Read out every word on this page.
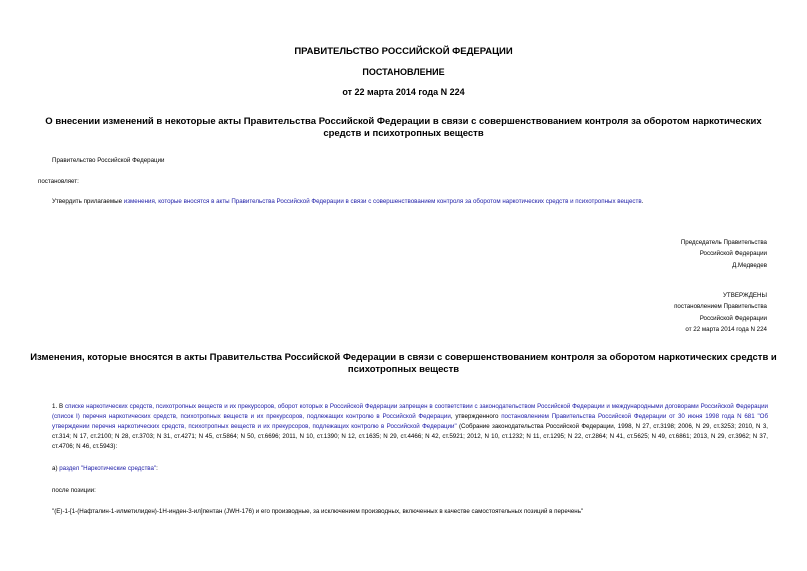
ПРАВИТЕЛЬСТВО РОССИЙСКОЙ ФЕДЕРАЦИИ
ПОСТАНОВЛЕНИЕ
от 22 марта 2014 года N 224
О внесении изменений в некоторые акты Правительства Российской Федерации в связи с совершенствованием контроля за оборотом наркотических средств и психотропных веществ
Правительство Российской Федерации
постановляет:
Утвердить прилагаемые изменения, которые вносятся в акты Правительства Российской Федерации в связи с совершенствованием контроля за оборотом наркотических средств и психотропных веществ.
Председатель Правительства
Российской Федерации
Д.Медведев
УТВЕРЖДЕНЫ
постановлением Правительства
Российской Федерации
от 22 марта 2014 года N 224
Изменения, которые вносятся в акты Правительства Российской Федерации в связи с совершенствованием контроля за оборотом наркотических средств и психотропных веществ
1. В списке наркотических средств, психотропных веществ и их прекурсоров, оборот которых в Российской Федерации запрещен в соответствии с законодательством Российской Федерации и международными договорами Российской Федерации (список I) перечня наркотических средств, психотропных веществ и их прекурсоров, подлежащих контролю в Российской Федерации, утвержденного постановлением Правительства Российской Федерации от 30 июня 1998 года N 681 "Об утверждении перечня наркотических средств, психотропных веществ и их прекурсоров, подлежащих контролю в Российской Федерации" (Собрание законодательства Российской Федерации, 1998, N 27, ст.3198; 2006, N 29, ст.3253; 2010, N 3, ст.314; N 17, ст.2100; N 28, ст.3703; N 31, ст.4271; N 45, ст.5864; N 50, ст.6696; 2011, N 10, ст.1390; N 12, ст.1635; N 29, ст.4466; N 42, ст.5921; 2012, N 10, ст.1232; N 11, ст.1295; N 22, ст.2864; N 41, ст.5625; N 49, ст.6861; 2013, N 29, ст.3962; N 37, ст.4706; N 46, ст.5943):
а) раздел "Наркотические средства":
после позиции:
"(E)-1-[1-(Нафталин-1-илметилиден)-1H-инден-3-ил]пентан (JWH-176) и его производные, за исключением производных, включенных в качестве самостоятельных позиций в перечень"
